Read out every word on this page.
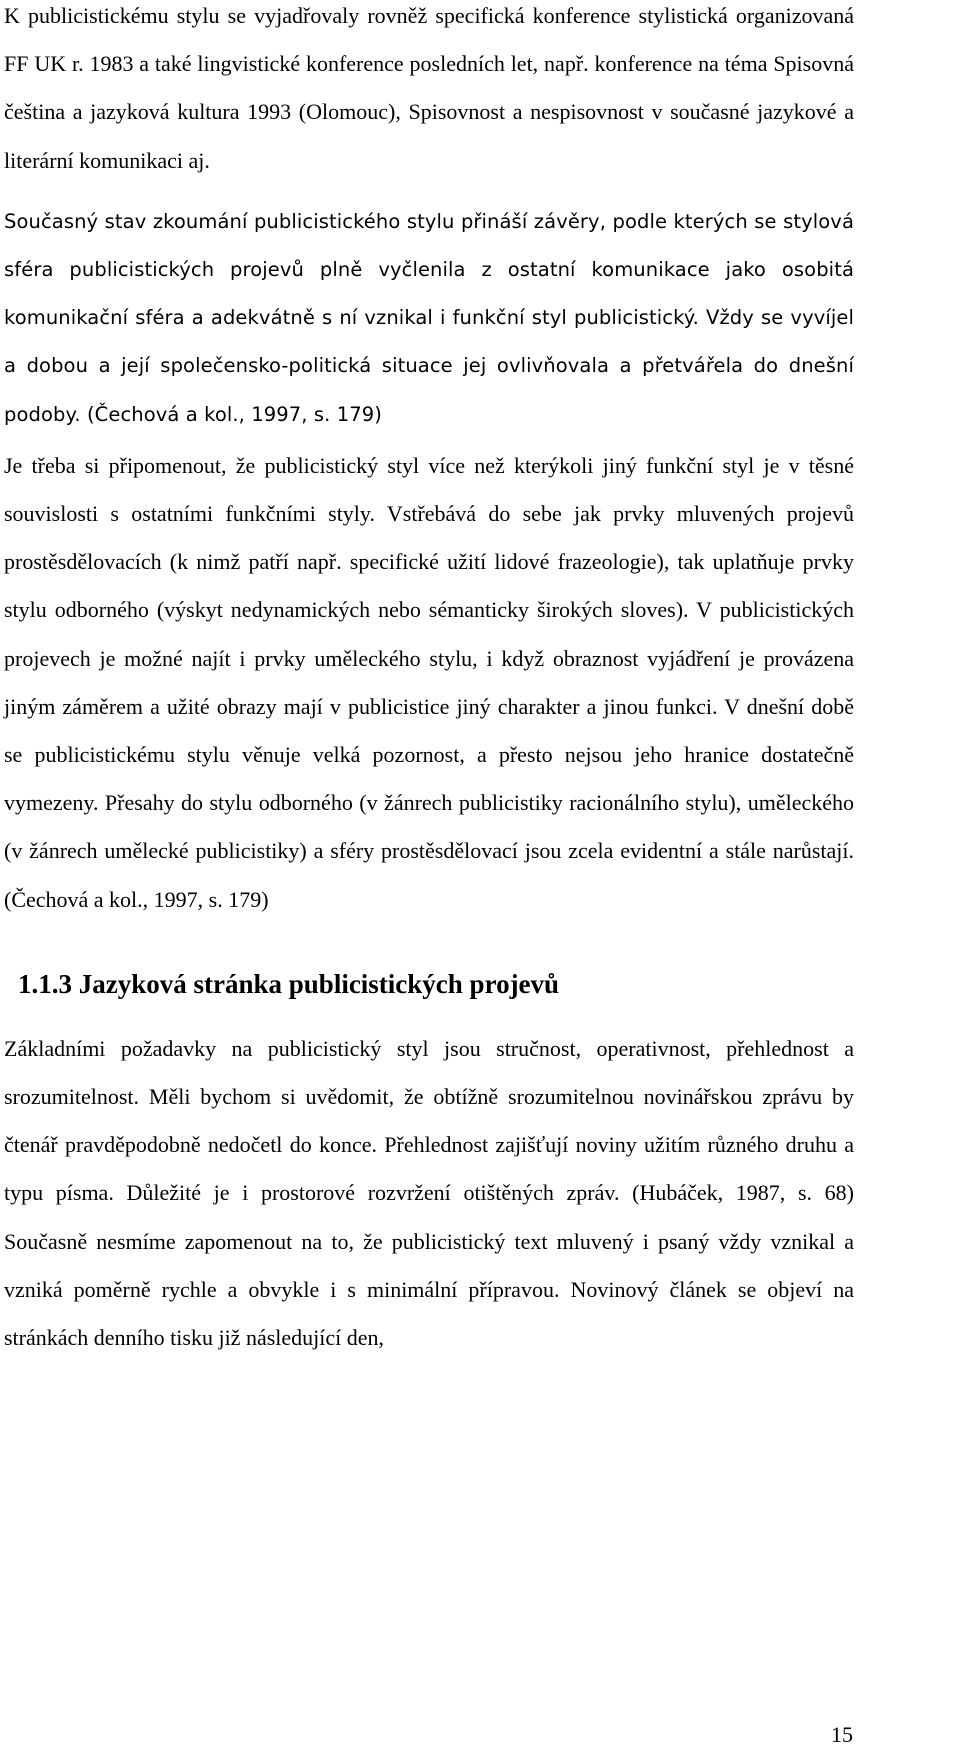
K publicistickému stylu se vyjadřovaly rovněž specifická konference stylistická organizovaná FF UK r. 1983 a také lingvistické konference posledních let, např. konference na téma Spisovná čeština a jazyková kultura 1993 (Olomouc), Spisovnost a nespisovnost v současné jazykové a literární komunikaci aj.

Současný stav zkoumání publicistického stylu přináší závěry, podle kterých se stylová sféra publicistických projevů plně vyčlenila z ostatní komunikace jako osobitá komunikační sféra a adekvátně s ní vznikal i funkční styl publicistický. Vždy se vyvíjel a dobou a její společensko-politická situace jej ovlivňovala a přetvářela do dnešní podoby. (Čechová a kol., 1997, s. 179)

Je třeba si připomenout, že publicistický styl více než kterýkoli jiný funkční styl je v těsné souvislosti s ostatními funkčními styly. Vstřebává do sebe jak prvky mluvených projevů prostěsdělovacích (k nimž patří např. specifické užití lidové frazeologie), tak uplatňuje prvky stylu odborného (výskyt nedynamických nebo sémanticky širokých sloves). V publicistických projevech je možné najít i prvky uměleckého stylu, i když obraznost vyjádření je provázena jiným záměrem a užité obrazy mají v publicistice jiný charakter a jinou funkci. V dnešní době se publicistickému stylu věnuje velká pozornost, a přesto nejsou jeho hranice dostatečně vymezeny. Přesahy do stylu odborného (v žánrech publicistiky racionálního stylu), uměleckého (v žánrech umělecké publicistiky) a sféry prostěsdělovací jsou zcela evidentní a stále narůstají. (Čechová a kol., 1997, s. 179)

1.1.3 Jazyková stránka publicistických projevů

Základními požadavky na publicistický styl jsou stručnost, operativnost, přehlednost a srozumitelnost. Měli bychom si uvědomit, že obtížně srozumitelnou novinářskou zprávu by čtenář pravděpodobně nedočetl do konce. Přehlednost zajišťují noviny užitím různého druhu a typu písma. Důležité je i prostorové rozvržení otištěných zpráv. (Hubáček, 1987, s. 68) Současně nesmíme zapomenout na to, že publicistický text mluvený i psaný vždy vznikal a vzniká poměrně rychle a obvykle i s minimální přípravou. Novinový článek se objeví na stránkách denního tisku již následující den,

15
